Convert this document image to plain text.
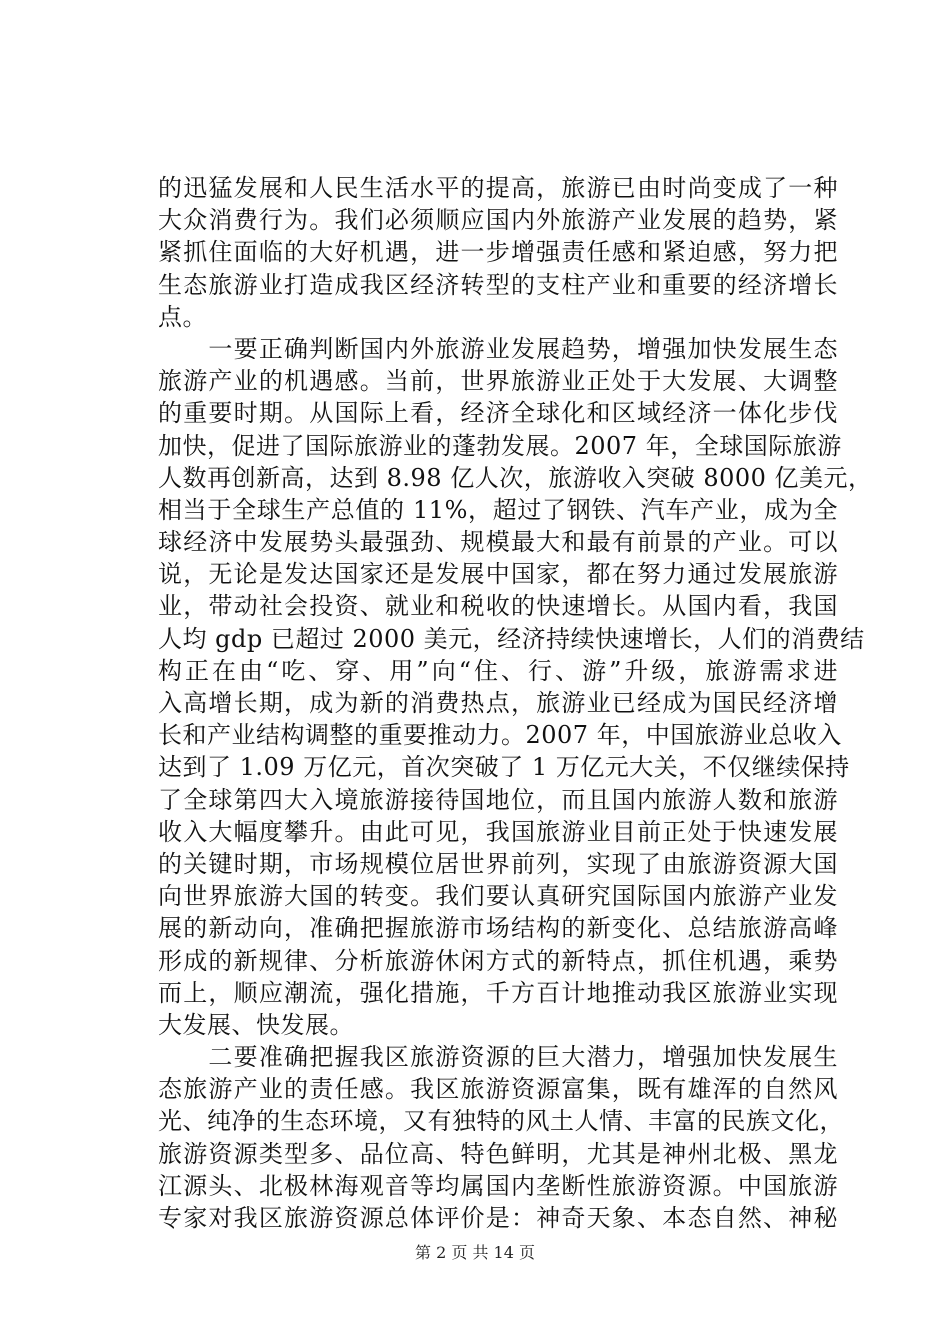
的迅猛发展和人民生活水平的提高，旅游已由时尚变成了一种
大众消费行为。我们必须顺应国内外旅游产业发展的趋势，紧
紧抓住面临的大好机遇，进一步增强责任感和紧迫感，努力把
生态旅游业打造成我区经济转型的支柱产业和重要的经济增长
点。
　　一要正确判断国内外旅游业发展趋势，增强加快发展生态
旅游产业的机遇感。当前，世界旅游业正处于大发展、大调整
的重要时期。从国际上看，经济全球化和区域经济一体化步伐
加快，促进了国际旅游业的蓬勃发展。2007 年，全球国际旅游
人数再创新高，达到 8.98 亿人次，旅游收入突破 8000 亿美元，
相当于全球生产总值的 11%，超过了钢铁、汽车产业，成为全
球经济中发展势头最强劲、规模最大和最有前景的产业。可以
说，无论是发达国家还是发展中国家，都在努力通过发展旅游
业，带动社会投资、就业和税收的快速增长。从国内看，我国
人均 gdp 已超过 2000 美元，经济持续快速增长，人们的消费结
构正在由“吃、穿、用”向“住、行、游”升级，旅游需求进
入高增长期，成为新的消费热点，旅游业已经成为国民经济增
长和产业结构调整的重要推动力。2007 年，中国旅游业总收入
达到了 1.09 万亿元，首次突破了 1 万亿元大关，不仅继续保持
了全球第四大入境旅游接待国地位，而且国内旅游人数和旅游
收入大幅度攀升。由此可见，我国旅游业目前正处于快速发展
的关键时期，市场规模位居世界前列，实现了由旅游资源大国
向世界旅游大国的转变。我们要认真研究国际国内旅游产业发
展的新动向，准确把握旅游市场结构的新变化、总结旅游高峰
形成的新规律、分析旅游休闲方式的新特点，抓住机遇，乘势
而上，顺应潮流，强化措施，千方百计地推动我区旅游业实现
大发展、快发展。
　　二要准确把握我区旅游资源的巨大潜力，增强加快发展生
态旅游产业的责任感。我区旅游资源富集，既有雄浑的自然风
光、纯净的生态环境，又有独特的风土人情、丰富的民族文化，
旅游资源类型多、品位高、特色鲜明，尤其是神州北极、黑龙
江源头、北极林海观音等均属国内垄断性旅游资源。中国旅游
专家对我区旅游资源总体评价是：神奇天象、本态自然、神秘
第 2 页 共 14 页
